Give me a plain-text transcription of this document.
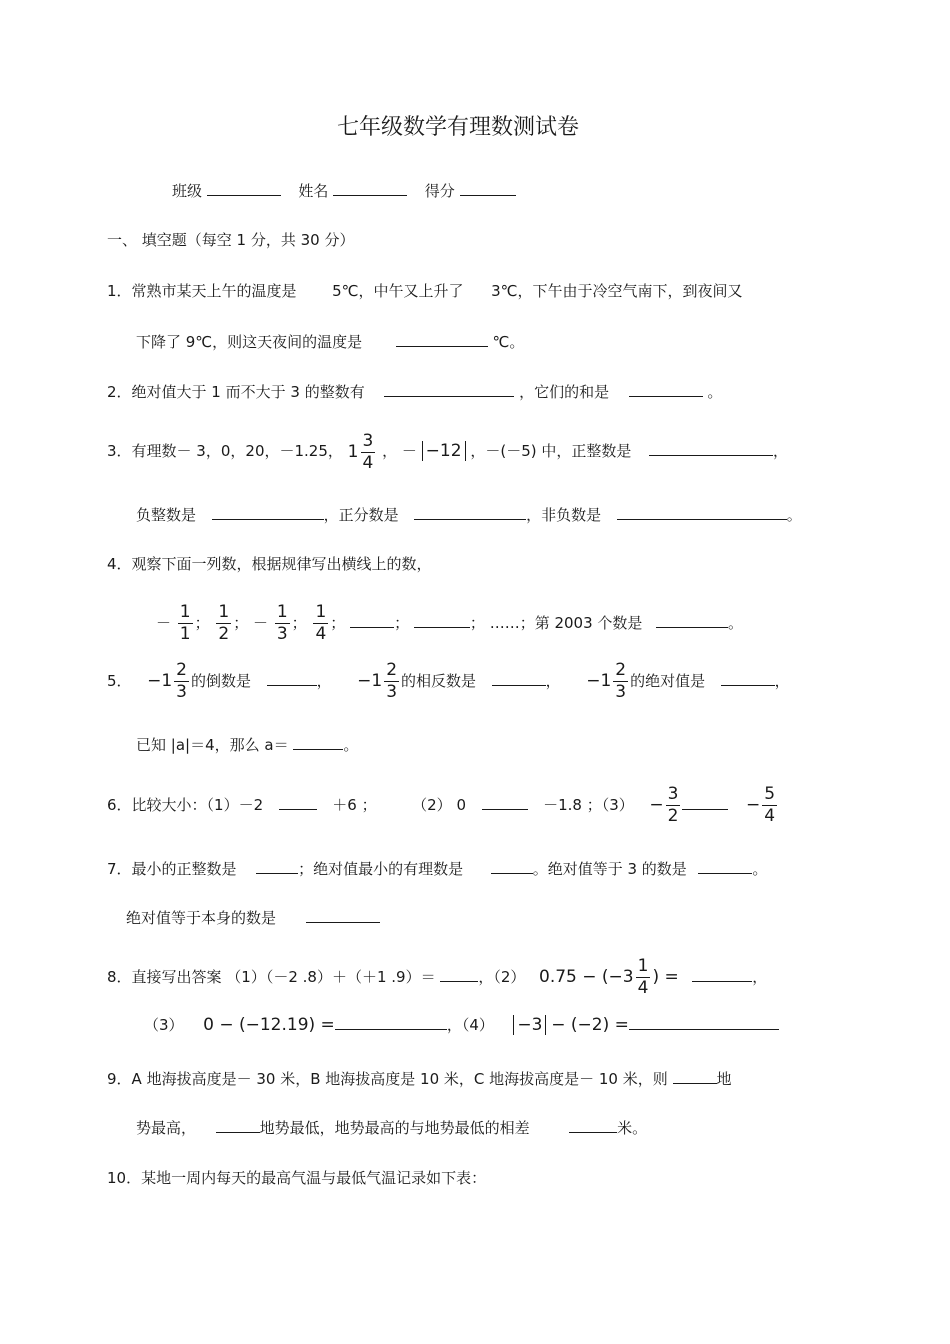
七年级数学有理数测试卷
班级	姓名	得分
一、 填空题（每空 1 分，共 30 分）
1．常熟市某天上午的温度是 5℃，中午又上升了 3℃，下午由于冷空气南下，到夜间又
下降了 9℃，则这天夜间的温度是	℃。
2．绝对值大于 1 而不大于 3 的整数有	，它们的和是	。
3．有理数－ 3，0，20，－1.25， $1 \frac{3}{4}$ ， － −12 ，－(－5) 中，正整数是	，
负整数是	，正分数是	，非负数是	。
4．观察下面一列数，根据规律写出横线上的数，
－ $\frac{1}{1}$ ； $\frac{1}{2}$ ； － $\frac{1}{3}$ ； $\frac{1}{4}$ ；	；	； ……；第 2003 个数是	。
5． $-1 \frac{2}{3}$ 的倒数是	， $-1 \frac{2}{3}$ 的相反数是	， $-1 \frac{2}{3}$ 的绝对值是	，
已知 |a|＝4，那么 a＝	。
6．比较大小：（1）－2	＋6 ； （2） 0	－1.8 ；$(3) - \frac{3}{2}$	− $\frac{5}{4}$
7．最小的正整数是	；绝对值最小的有理数是	。绝对值等于 3 的数是	。
绝对值等于本身的数是
8．直接写出答案 （1）（－2 .8）＋（＋1 .9）＝	，（2） $0.75 - (-3 \frac{1}{4}$ ) =	，
（3） 0 − (−12.19) =	，（4） −3 − (−2) =
9．A 地海拔高度是－ 30 米，B 地海拔高度是 10 米，C 地海拔高度是－ 10 米，则	地
势最高，	地势最低，地势最高的与地势最低的相差	米。
10．某地一周内每天的最高气温与最低气温记录如下表：
